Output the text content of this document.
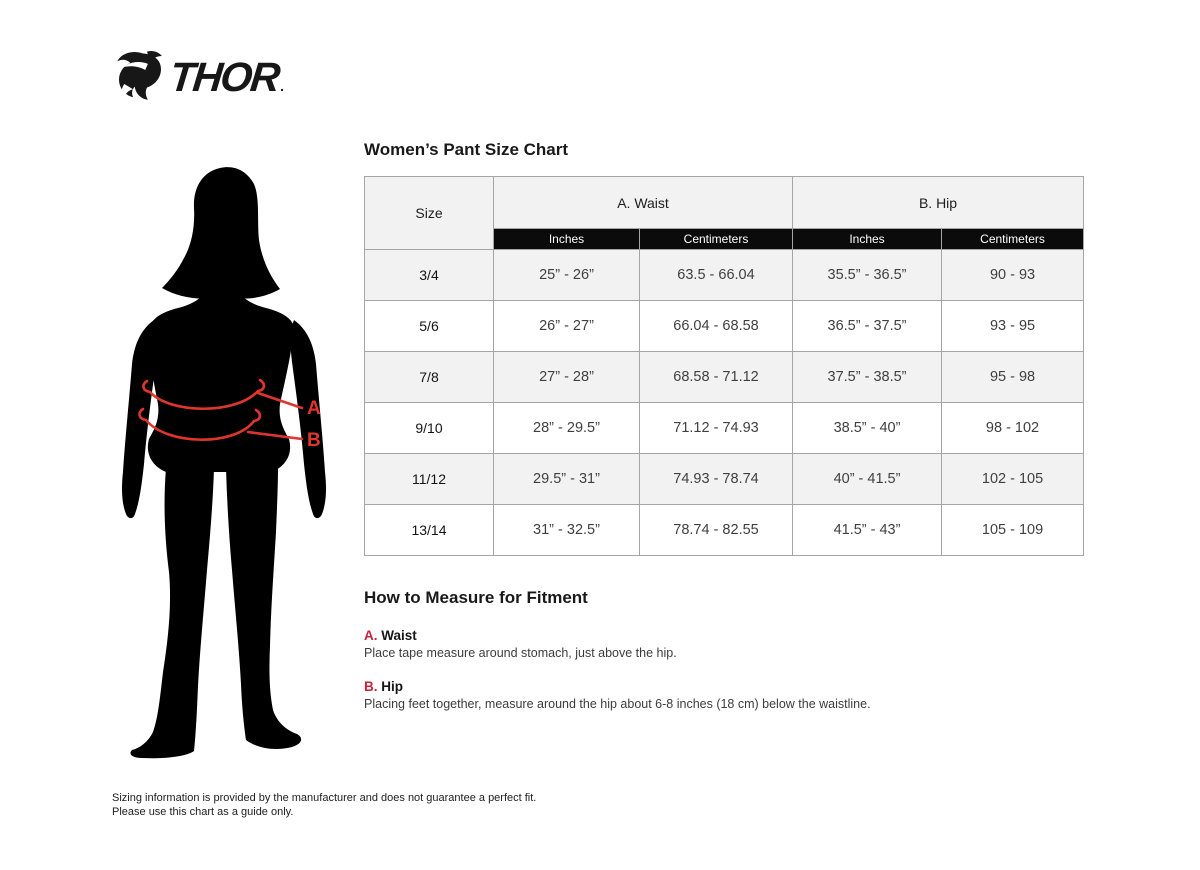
THOR .
A
B
Women’s Pant Size Chart
Size	A. Waist		B. Hip	
	Inches	Centimeters	Inches	Centimeters
3/4	25” - 26”	63.5 - 66.04	35.5” - 36.5”	90 - 93
5/6	26” - 27”	66.04 - 68.58	36.5” - 37.5”	93 - 95
7/8	27” - 28”	68.58 - 71.12	37.5” - 38.5”	95 - 98
9/10	28” - 29.5”	71.12 - 74.93	38.5” - 40”	98 - 102
11/12	29.5” - 31”	74.93 - 78.74	40” - 41.5”	102 - 105
13/14	31” - 32.5”	78.74 - 82.55	41.5” - 43”	105 - 109
How to Measure for Fitment
A. Waist
Place tape measure around stomach, just above the hip.
B. Hip
Placing feet together, measure around the hip about 6-8 inches (18 cm) below the waistline.
Sizing information is provided by the manufacturer and does not guarantee a perfect fit.
Please use this chart as a guide only.
